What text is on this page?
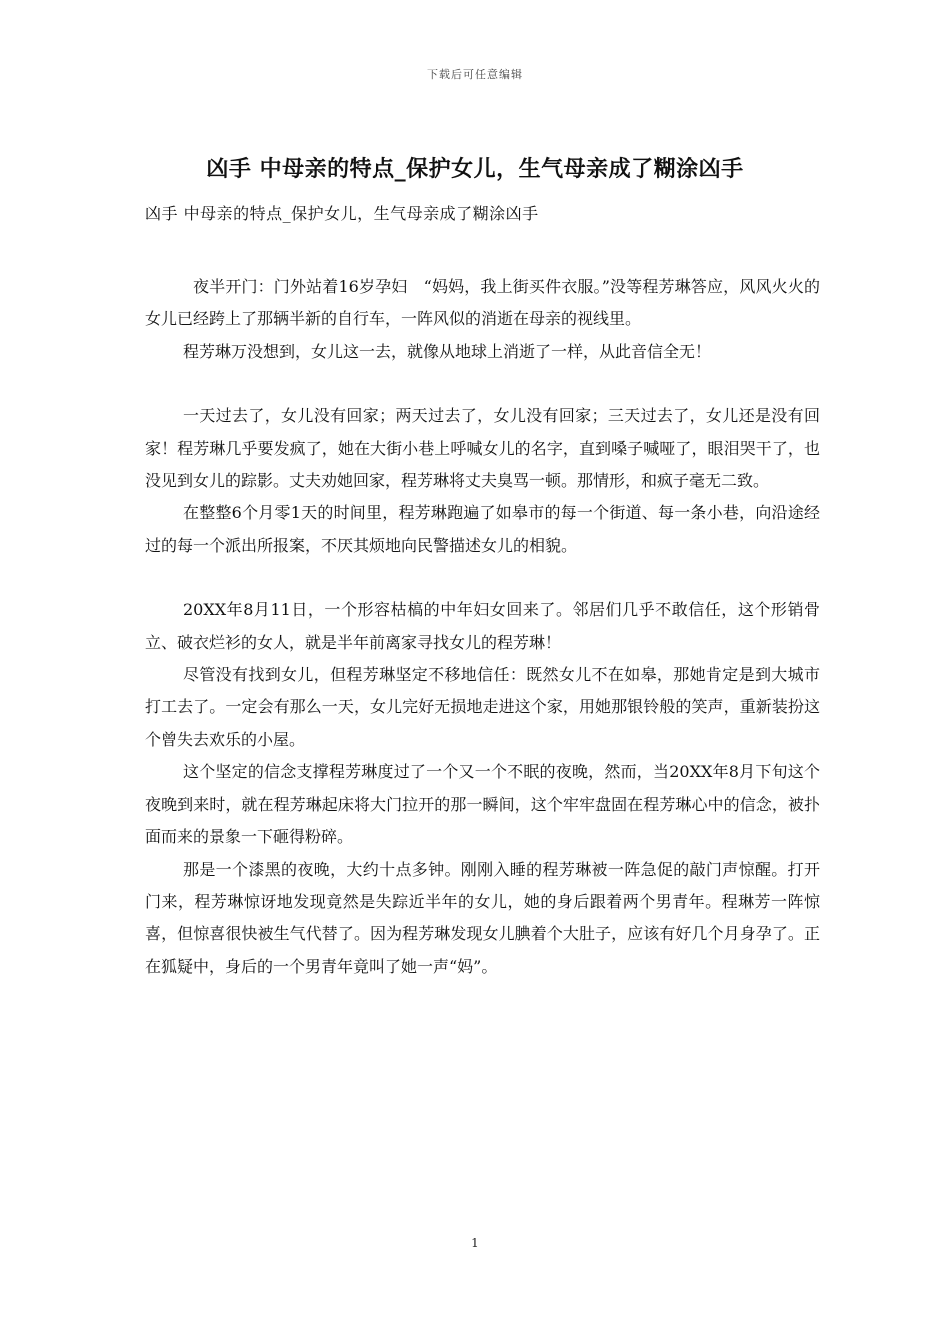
下载后可任意编辑
凶手 中母亲的特点_保护女儿，生气母亲成了糊涂凶手

凶手 中母亲的特点_保护女儿，生气母亲成了糊涂凶手

夜半开门：门外站着16岁孕妇　“妈妈，我上街买件衣服。”没等程芳琳答应，风风火火的女儿已经跨上了那辆半新的自行车，一阵风似的消逝在母亲的视线里。

程芳琳万没想到，女儿这一去，就像从地球上消逝了一样，从此音信全无！

一天过去了，女儿没有回家；两天过去了，女儿没有回家；三天过去了，女儿还是没有回家！程芳琳几乎要发疯了，她在大街小巷上呼喊女儿的名字，直到嗓子喊哑了，眼泪哭干了，也没见到女儿的踪影。丈夫劝她回家，程芳琳将丈夫臭骂一顿。那情形，和疯子毫无二致。

在整整6个月零1天的时间里，程芳琳跑遍了如皋市的每一个街道、每一条小巷，向沿途经过的每一个派出所报案，不厌其烦地向民警描述女儿的相貌。

20XX年8月11日，一个形容枯槁的中年妇女回来了。邻居们几乎不敢信任，这个形销骨立、破衣烂衫的女人，就是半年前离家寻找女儿的程芳琳！

尽管没有找到女儿，但程芳琳坚定不移地信任：既然女儿不在如皋，那她肯定是到大城市打工去了。一定会有那么一天，女儿完好无损地走进这个家，用她那银铃般的笑声，重新装扮这个曾失去欢乐的小屋。

这个坚定的信念支撑程芳琳度过了一个又一个不眠的夜晚，然而，当20XX年8月下旬这个夜晚到来时，就在程芳琳起床将大门拉开的那一瞬间，这个牢牢盘固在程芳琳心中的信念，被扑面而来的景象一下砸得粉碎。

那是一个漆黑的夜晚，大约十点多钟。刚刚入睡的程芳琳被一阵急促的敲门声惊醒。打开门来，程芳琳惊讶地发现竟然是失踪近半年的女儿，她的身后跟着两个男青年。程琳芳一阵惊喜，但惊喜很快被生气代替了。因为程芳琳发现女儿腆着个大肚子，应该有好几个月身孕了。正在狐疑中，身后的一个男青年竟叫了她一声“妈”。

1
